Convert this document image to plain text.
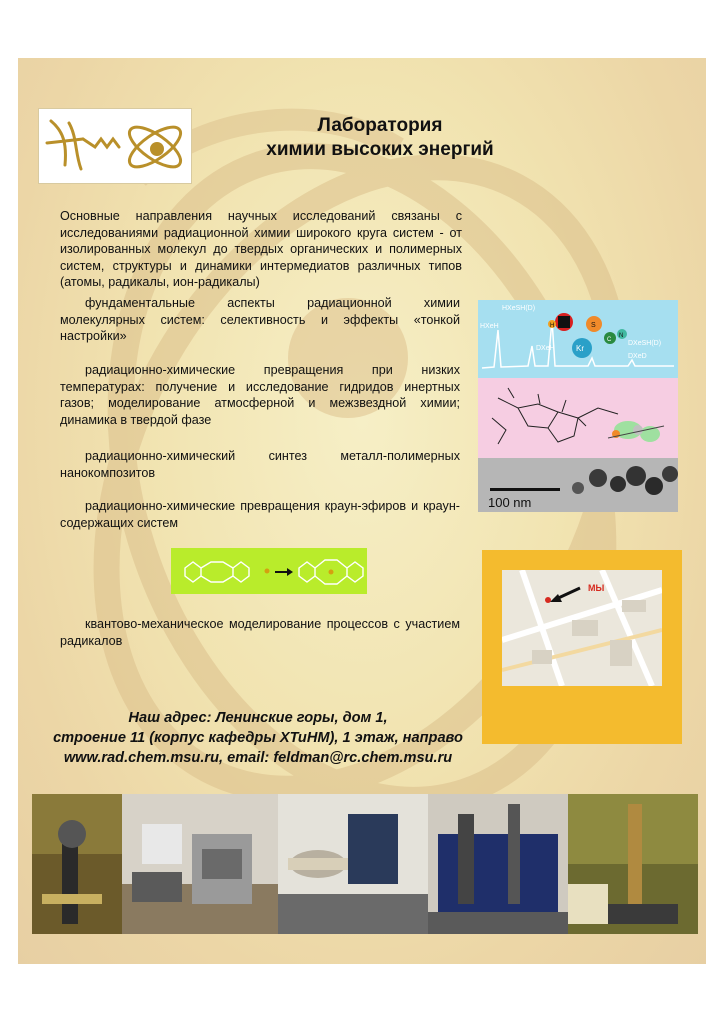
Лаборатория
химии высоких энергий
Основные направления научных исследований связаны с исследованиями радиационной химии широкого круга систем - от изолированных молекул до твердых органических и полимерных систем, структуры и динамики интермедиатов различных типов (атомы, радикалы, ион-радикалы)
фундаментальные аспекты радиационной химии молекулярных систем: селективность и эффекты «тонкой настройки»
радиационно-химические превращения при низких температурах: получение и исследование гидридов инертных газов; моделирование атмосферной и межзвездной химии; динамика в твердой фазе
радиационно-химический синтез металл-полимерных нанокомпозитов
радиационно-химические превращения краун-эфиров и краун-содержащих систем
квантово-механическое моделирование процессов с участием радикалов
HXeSH(D)
HXeH
DXeH
DXeSH(D)
DXeD
H	S
Kr
C
N
100 nm
МЫ
Наш адрес: Ленинские горы, дом 1,
строение 11 (корпус кафедры ХТиНМ), 1 этаж, направо
www.rad.chem.msu.ru, email: feldman@rc.chem.msu.ru
